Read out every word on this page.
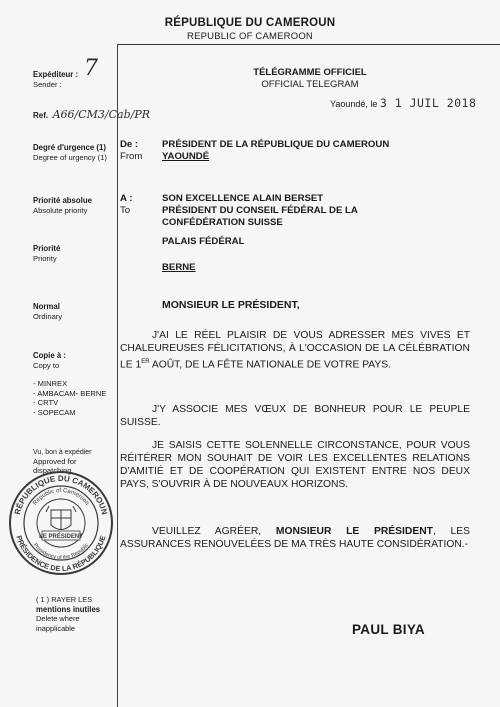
RÉPUBLIQUE DU CAMEROUN
REPUBLIC OF CAMEROON
Expéditeur :
Sender :
7
Ref. A66/CM3/Cab/PR
Degré d'urgence (1)
Degree of urgency (1)
Priorité absolue
Absolute priority
Priorité
Priority
Normal
Ordinary
Copie à :
Copy to
- MINREX
- AMBACAM- BERNE
- CRTV
- SOPECAM
Vu, bon à expédier
Approved for
dispatching
RÉPUBLIQUE DU CAMEROUN
PRÉSIDENCE DE LA RÉPUBLIQUE
Republic of Cameroon
Presidency of the Republic
LE PRÉSIDENT
( 1 ) RAYER LES
mentions inutiles
Delete where
inapplicable
TÉLÉGRAMME OFFICIEL
OFFICIAL TELEGRAM
Yaoundé, le 3 1 JUIL 2018
De :
From
PRÉSIDENT DE LA RÉPUBLIQUE DU CAMEROUN
YAOUNDÉ
A :
To
SON EXCELLENCE ALAIN BERSET
PRÉSIDENT DU CONSEIL FÉDÉRAL DE LA
CONFÉDÉRATION SUISSE
PALAIS FÉDÉRAL
BERNE
MONSIEUR LE PRÉSIDENT,
J'AI LE RÉEL PLAISIR DE VOUS ADRESSER MES VIVES ET CHALEUREUSES FÉLICITATIONS, À L'OCCASION DE LA CÉLÉBRATION LE 1ER AOÛT, DE LA FÊTE NATIONALE DE VOTRE PAYS.
J'Y ASSOCIE MES VŒUX DE BONHEUR POUR LE PEUPLE SUISSE.
JE SAISIS CETTE SOLENNELLE CIRCONSTANCE, POUR VOUS RÉITÉRER MON SOUHAIT DE VOIR LES EXCELLENTES RELATIONS D'AMITIÉ ET DE COOPÉRATION QUI EXISTENT ENTRE NOS DEUX PAYS, S'OUVRIR À DE NOUVEAUX HORIZONS.
VEUILLEZ AGRÉER, MONSIEUR LE PRÉSIDENT, LES ASSURANCES RENOUVELÉES DE MA TRÈS HAUTE CONSIDÉRATION.-
PAUL BIYA
